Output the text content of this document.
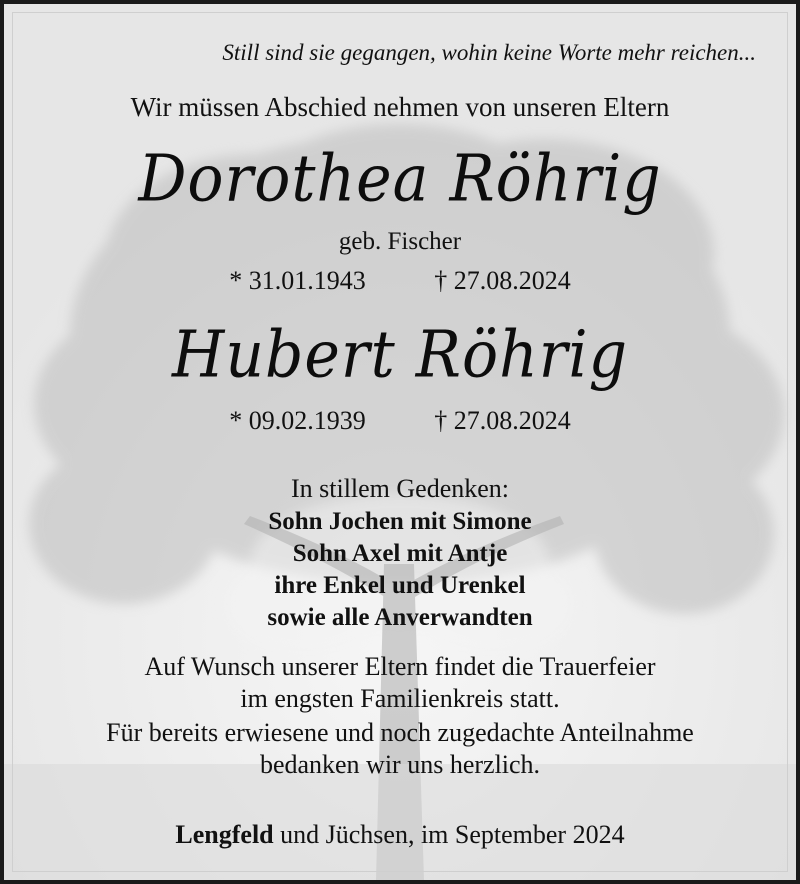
Still sind sie gegangen, wohin keine Worte mehr reichen...
Wir müssen Abschied nehmen von unseren Eltern
Dorothea Röhrig
geb. Fischer
* 31.01.1943	† 27.08.2024
Hubert Röhrig
* 09.02.1939	† 27.08.2024
In stillem Gedenken:
Sohn Jochen mit Simone
Sohn Axel mit Antje
ihre Enkel und Urenkel
sowie alle Anverwandten
Auf Wunsch unserer Eltern findet die Trauerfeier
im engsten Familienkreis statt.
Für bereits erwiesene und noch zugedachte Anteilnahme
bedanken wir uns herzlich.
Lengfeld und Jüchsen, im September 2024
